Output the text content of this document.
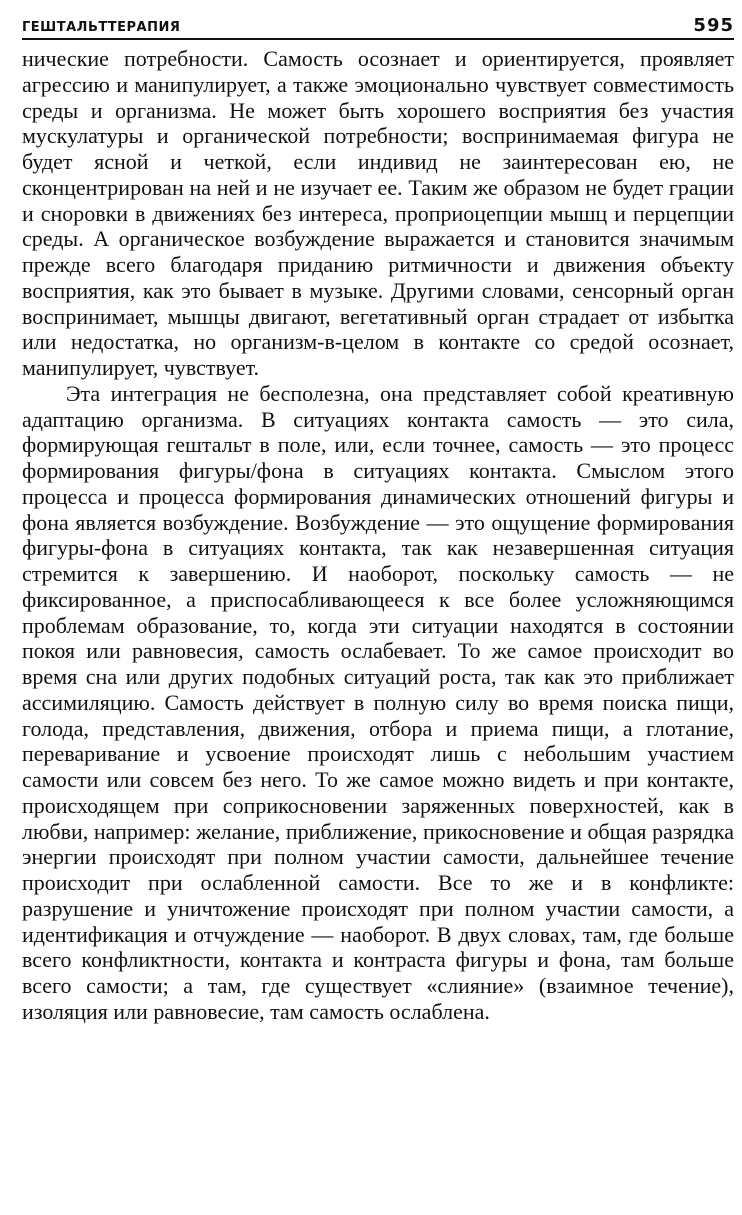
ГЕШТАЛЬТТЕРАПИЯ	595

нические потребности. Самость осознает и ориентируется, проявляет агрессию и манипулирует, а также эмоционально чувствует совместимость среды и организма. Не может быть хорошего восприятия без участия мускулатуры и органической потребности; воспринимаемая фигура не будет ясной и четкой, если индивид не заинтересован ею, не сконцентрирован на ней и не изучает ее. Таким же образом не будет грации и сноровки в движениях без интереса, проприоцепции мышц и перцепции среды. А органическое возбуждение выражается и становится значимым прежде всего благодаря приданию ритмичности и движения объекту восприятия, как это бывает в музыке. Другими словами, сенсорный орган воспринимает, мышцы двигают, вегетативный орган страдает от избытка или недостатка, но организм-в-целом в контакте со средой осознает, манипулирует, чувствует.

Эта интеграция не бесполезна, она представляет собой креативную адаптацию организма. В ситуациях контакта самость — это сила, формирующая гештальт в поле, или, если точнее, самость — это процесс формирования фигуры/фона в ситуациях контакта. Смыслом этого процесса и процесса формирования динамических отношений фигуры и фона является возбуждение. Возбуждение — это ощущение формирования фигуры-фона в ситуациях контакта, так как незавершенная ситуация стремится к завершению. И наоборот, поскольку самость — не фиксированное, а приспосабливающееся к все более усложняющимся проблемам образование, то, когда эти ситуации находятся в состоянии покоя или равновесия, самость ослабевает. То же самое происходит во время сна или других подобных ситуаций роста, так как это приближает ассимиляцию. Самость действует в полную силу во время поиска пищи, голода, представления, движения, отбора и приема пищи, а глотание, переваривание и усвоение происходят лишь с небольшим участием самости или совсем без него. То же самое можно видеть и при контакте, происходящем при соприкосновении заряженных поверхностей, как в любви, например: желание, приближение, прикосновение и общая разрядка энергии происходят при полном участии самости, дальнейшее течение происходит при ослабленной самости. Все то же и в конфликте: разрушение и уничтожение происходят при полном участии самости, а идентификация и отчуждение — наоборот. В двух словах, там, где больше всего конфликтности, контакта и контраста фигуры и фона, там больше всего самости; а там, где существует «слияние» (взаимное течение), изоляция или равновесие, там самость ослаблена.
